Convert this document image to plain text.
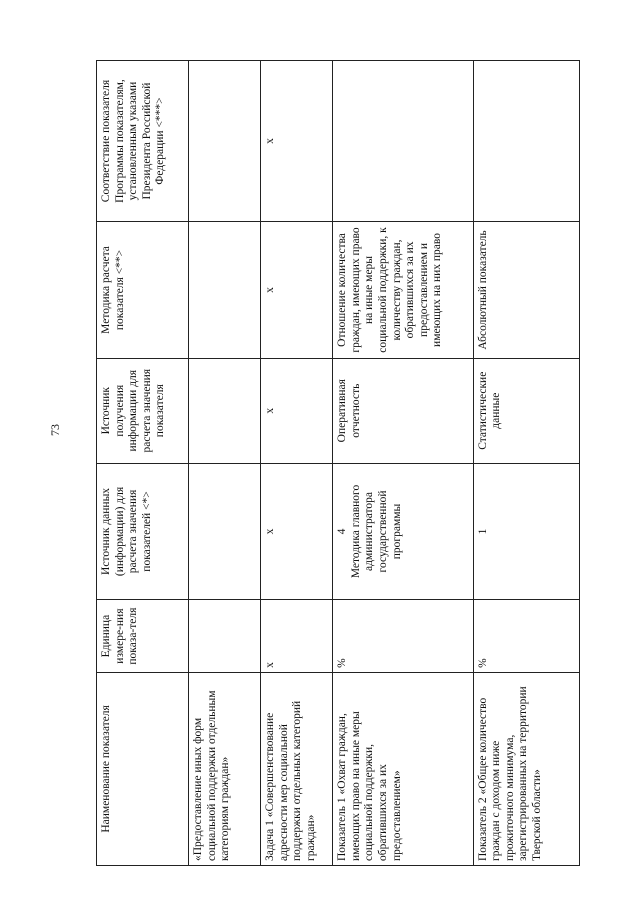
73
Наименование показателя	Единица измере-ния показа-теля	Источник данных (информации) для расчета значения показателей <*>	Источник получения информации для расчета значения показателя	Методика расчета показателя <**>	Соответствие показателя Программы показателям, установленным указами Президента Российской Федерации <***>
«Предоставление иных форм социальной поддержки отдельным категориям граждан»					
Задача 1 «Совершенствование адресности мер социальной поддержки отдельных категорий граждан»	x	x	x	x	x
Показатель 1 «Охват граждан, имеющих право на иные меры социальной поддержки, обратившихся за их предоставлением»	%	4 Методика главного администратора государственной программы	Оперативная отчетность	Отношение количества граждан, имеющих право на иные меры социальной поддержки, к количеству граждан, обратившихся за их предоставлением и имеющих на них право	
Показатель 2 «Общее количество граждан с доходом ниже прожиточного минимума, зарегистрированных на территории Тверской области»	%	1	Статистические данные	Абсолютный показатель	
